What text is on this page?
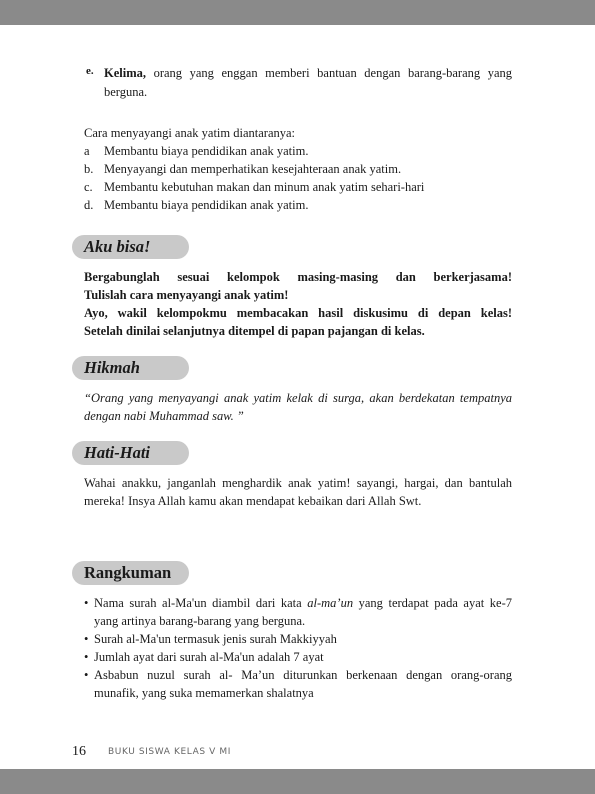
e. Kelima, orang yang enggan memberi bantuan dengan barang-barang yang berguna.
Cara menyayangi anak yatim diantaranya:
a Membantu biaya pendidikan anak yatim.
b. Menyayangi dan memperhatikan kesejahteraan anak yatim.
c. Membantu kebutuhan makan dan minum anak yatim sehari-hari
d. Membantu biaya pendidikan anak yatim.
Aku bisa!
Bergabunglah sesuai kelompok masing-masing dan berkerjasama!
Tulislah cara menyayangi anak yatim!
Ayo, wakil kelompokmu membacakan hasil diskusimu di depan kelas!
Setelah dinilai selanjutnya ditempel di papan pajangan di kelas.
Hikmah
“Orang yang menyayangi anak yatim kelak di surga, akan berdekatan tempatnya dengan nabi Muhammad saw. ”
Hati-Hati
Wahai anakku, janganlah menghardik anak yatim! sayangi, hargai, dan bantulah mereka! Insya Allah kamu akan mendapat kebaikan dari Allah Swt.
Rangkuman
• Nama surah al-Ma'un diambil dari kata al-ma’un yang terdapat pada ayat ke-7 yang artinya barang-barang yang berguna.
• Surah al-Ma'un termasuk jenis surah Makkiyyah
• Jumlah ayat dari surah al-Ma'un adalah 7 ayat
• Asbabun nuzul surah al- Ma’un diturunkan berkenaan dengan orang-orang munafik, yang suka memamerkan shalatnya
16 BUKU SISWA KELAS V MI
